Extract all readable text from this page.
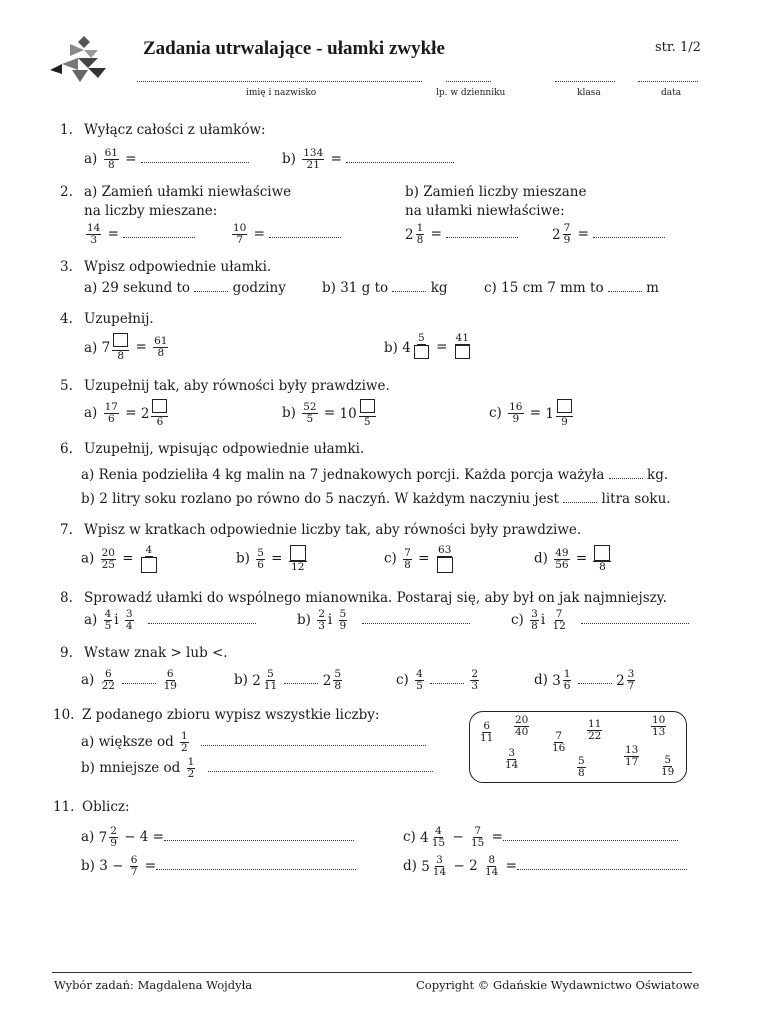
Zadania utrwalające - ułamki zwykłe	str. 1/2
imię i nazwisko	lp. w dzienniku	klasa	data
1. Wyłącz całości z ułamków:
$a) \frac{61}{8}$ =	$b) \frac{134}{21}$ =
2. a) Zamień ułamki niewłaściwe
na liczby mieszane:
b) Zamień liczby mieszane
na ułamki niewłaściwe:
$\frac{14}{3}$ =	$\frac{10}{7}$ =	$2 \frac{1}{8}$ =	$2 \frac{7}{9}$ =
3. Wpisz odpowiednie ułamki.
a) 29 sekund to	godziny	b) 31 g to	kg	c) 15 cm 7 mm to	m
4. Uzupełnij.
a) 7
8
= $\frac{61}{8}$	b) 4
5
=
41
5. Uzupełnij tak, aby równości były prawdziwe.
$a) \frac{17}{6} = 2$
6
$b) \frac{52}{5} = 10$
5
$c) \frac{16}{9} = 1$
9
6. Uzupełnij, wpisując odpowiednie ułamki.
a) Renia podzieliła 4 kg malin na 7 jednakowych porcji. Każda porcja ważyła	kg.
b) 2 litry soku rozlano po równo do 5 naczyń. W każdym naczyniu jest	litra soku.
7. Wpisz w kratkach odpowiednie liczby tak, aby równości były prawdziwe.
$a) \frac{20}{25}$ =
4
$b) \frac{5}{6}$ =
12
$c) \frac{7}{8}$ =
63
$d) \frac{49}{56}$ =
8
8. Sprowadź ułamki do wspólnego mianownika. Postaraj się, aby był on jak najmniejszy.
$a) \frac{4}{5}$ i $\frac{3}{4}$
	$b) \frac{2}{3}$ i $\frac{5}{9}$
	$c) \frac{3}{8}$ i $\frac{7}{12}$

9. Wstaw znak > lub <.
$a) \frac{6}{22}$
	$\frac{6}{19}$	b) $2 \frac{5}{11}$
	$2 \frac{5}{8}$	$c) \frac{4}{5}$
	$\frac{2}{3}$	d) $3 \frac{1}{6}$
	$2 \frac{3}{7}$
10. Z podanego zbioru wypisz wszystkie liczby:
a) większe od $\frac{1}{2}$

b) mniejsze od $\frac{1}{2}$

$\frac{6}{11} \frac{20}{40}$
$\frac{7}{16}$
$\frac{11}{22}$	$\frac{10}{13}$
$\frac{3}{14}$	$\frac{5}{8}$	$\frac{13}{17} \frac{5}{19}$
11. Oblicz:
a) $7 \frac{2}{9} - 4$ =
b) $3 - \frac{6}{7}$ =
c) $4 \frac{4}{15} - \frac{7}{15}$ =
d) $5 \frac{3}{14} - 2 \frac{8}{14}$ =
Wybór zadań: Magdalena Wojdyła	Copyright © Gdańskie Wydawnictwo Oświatowe
